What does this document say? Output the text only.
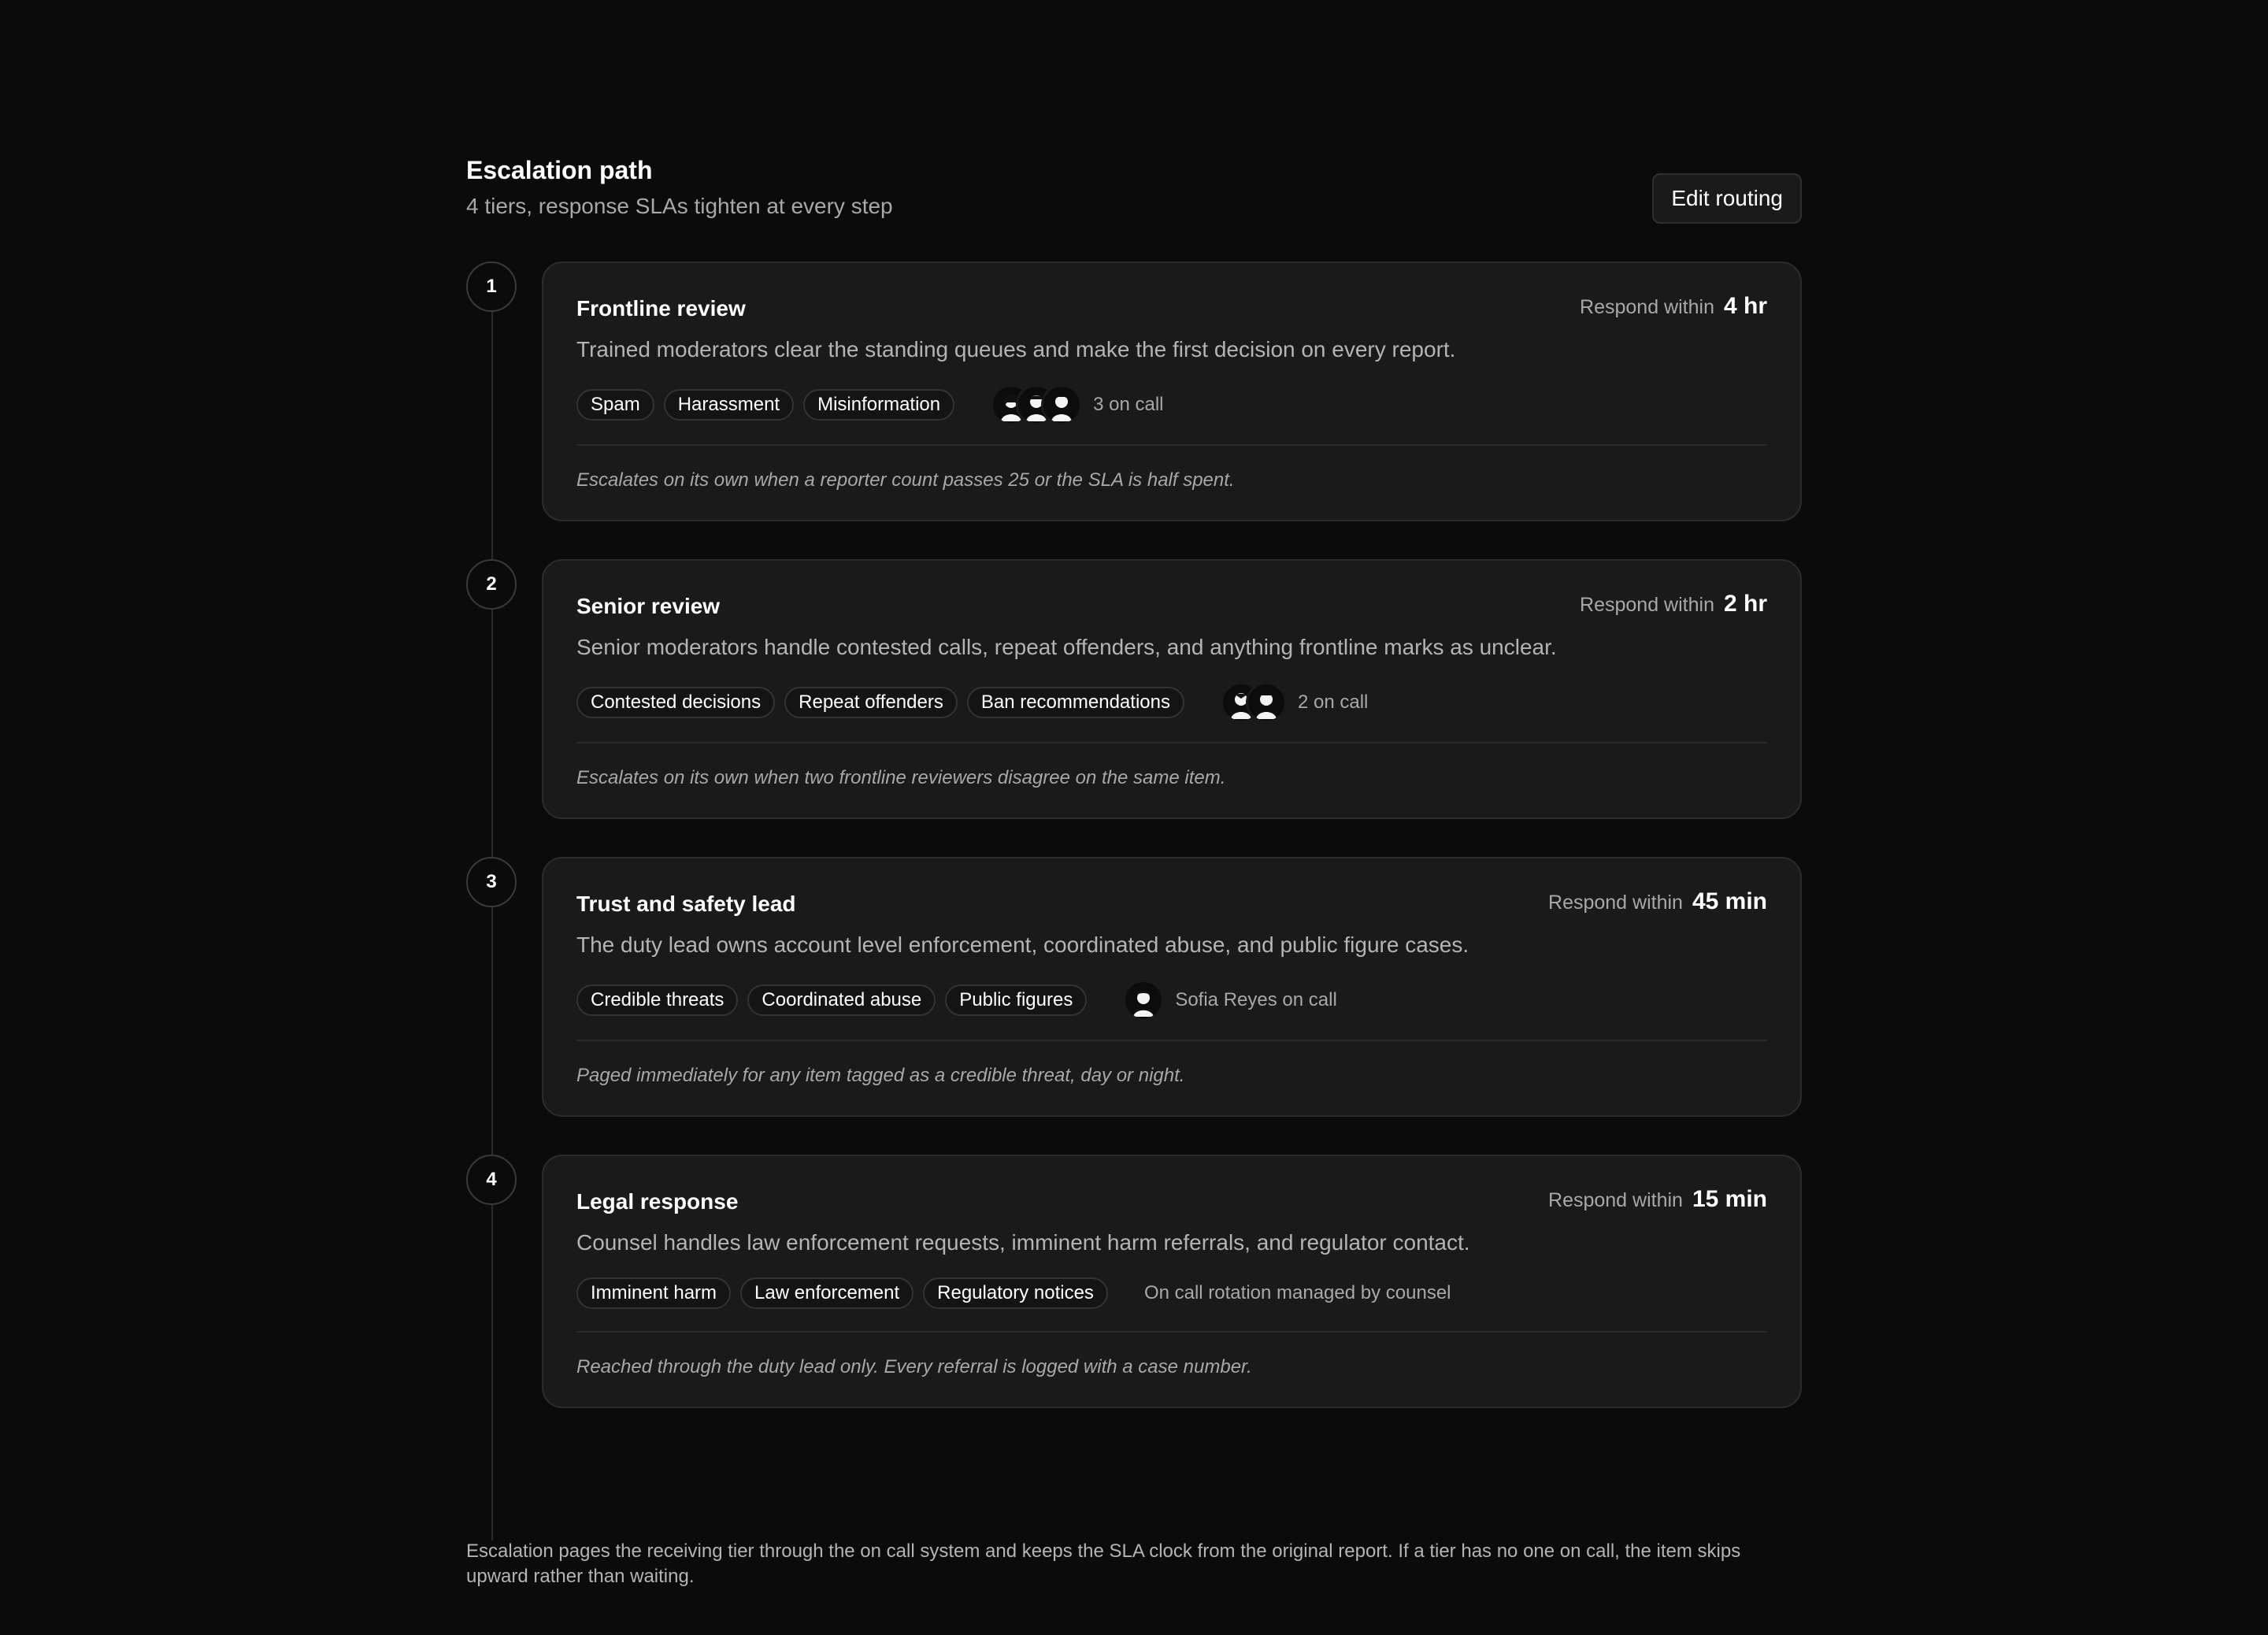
Escalation path
4 tiers, response SLAs tighten at every step	Edit routing
1
Frontline review	Respond within 4 hr
Trained moderators clear the standing queues and make the first decision on every report.
Spam	Harassment	Misinformation	3 on call
Escalates on its own when a reporter count passes 25 or the SLA is half spent.
2
Senior review	Respond within 2 hr
Senior moderators handle contested calls, repeat offenders, and anything frontline marks as unclear.
Contested decisions	Repeat offenders	Ban recommendations	2 on call
Escalates on its own when two frontline reviewers disagree on the same item.
3
Trust and safety lead	Respond within 45 min
The duty lead owns account level enforcement, coordinated abuse, and public figure cases.
Credible threats	Coordinated abuse	Public figures	Sofia Reyes on call
Paged immediately for any item tagged as a credible threat, day or night.
4
Legal response	Respond within 15 min
Counsel handles law enforcement requests, imminent harm referrals, and regulator contact.
Imminent harm	Law enforcement	Regulatory notices	On call rotation managed by counsel
Reached through the duty lead only. Every referral is logged with a case number.
Escalation pages the receiving tier through the on call system and keeps the SLA clock from the original report. If a tier has no one on call, the item skips upward rather than waiting.
